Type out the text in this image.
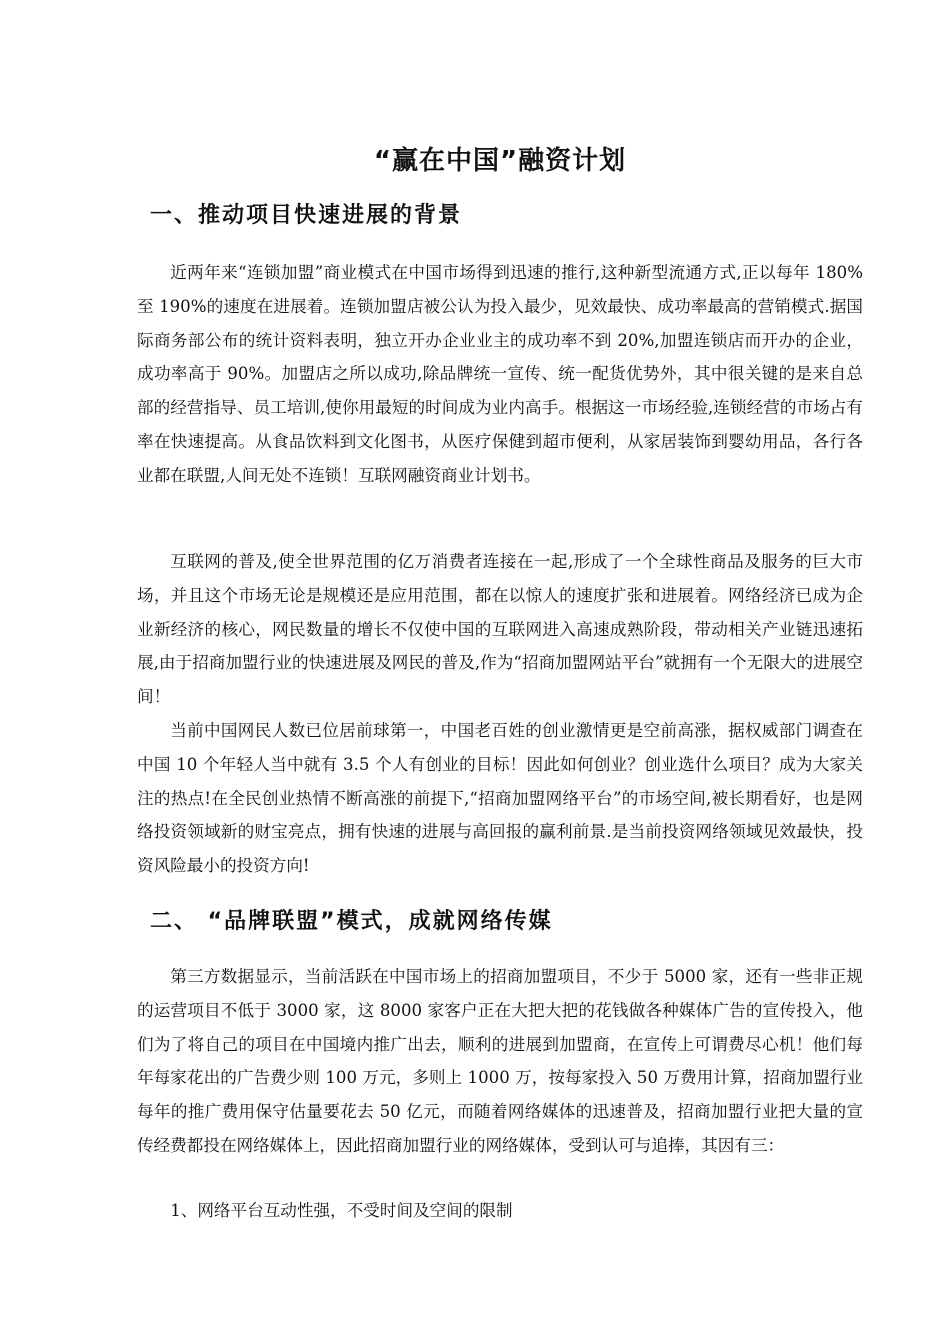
“赢在中国”融资计划
一、推动项目快速进展的背景

近两年来“连锁加盟”商业模式在中国市场得到迅速的推行,这种新型流通方式,正以每年 180%至 190%的速度在进展着。连锁加盟店被公认为投入最少，见效最快、成功率最高的营销模式.据国际商务部公布的统计资料表明，独立开办企业业主的成功率不到 20%,加盟连锁店而开办的企业，成功率高于 90%。加盟店之所以成功,除品牌统一宣传、统一配货优势外，其中很关键的是来自总部的经营指导、员工培训,使你用最短的时间成为业内高手。根据这一市场经验,连锁经营的市场占有率在快速提高。从食品饮料到文化图书，从医疗保健到超市便利，从家居装饰到婴幼用品，各行各业都在联盟,人间无处不连锁！互联网融资商业计划书。

互联网的普及,使全世界范围的亿万消费者连接在一起,形成了一个全球性商品及服务的巨大市场，并且这个市场无论是规模还是应用范围，都在以惊人的速度扩张和进展着。网络经济已成为企业新经济的核心，网民数量的增长不仅使中国的互联网进入高速成熟阶段，带动相关产业链迅速拓展,由于招商加盟行业的快速进展及网民的普及,作为“招商加盟网站平台”就拥有一个无限大的进展空间！

当前中国网民人数已位居前球第一，中国老百姓的创业激情更是空前高涨，据权威部门调查在中国 10 个年轻人当中就有 3.5 个人有创业的目标！因此如何创业？创业选什么项目？成为大家关注的热点!在全民创业热情不断高涨的前提下,“招商加盟网络平台”的市场空间,被长期看好，也是网络投资领域新的财宝亮点，拥有快速的进展与高回报的赢利前景.是当前投资网络领域见效最快，投资风险最小的投资方向!

二、 “品牌联盟”模式，成就网络传媒

第三方数据显示，当前活跃在中国市场上的招商加盟项目，不少于 5000 家，还有一些非正规的运营项目不低于 3000 家，这 8000 家客户正在大把大把的花钱做各种媒体广告的宣传投入，他们为了将自己的项目在中国境内推广出去，顺利的进展到加盟商，在宣传上可谓费尽心机！他们每年每家花出的广告费少则 100 万元，多则上 1000 万，按每家投入 50 万费用计算，招商加盟行业每年的推广费用保守估量要花去 50 亿元，而随着网络媒体的迅速普及，招商加盟行业把大量的宣传经费都投在网络媒体上，因此招商加盟行业的网络媒体，受到认可与追捧，其因有三：

1、网络平台互动性强，不受时间及空间的限制
